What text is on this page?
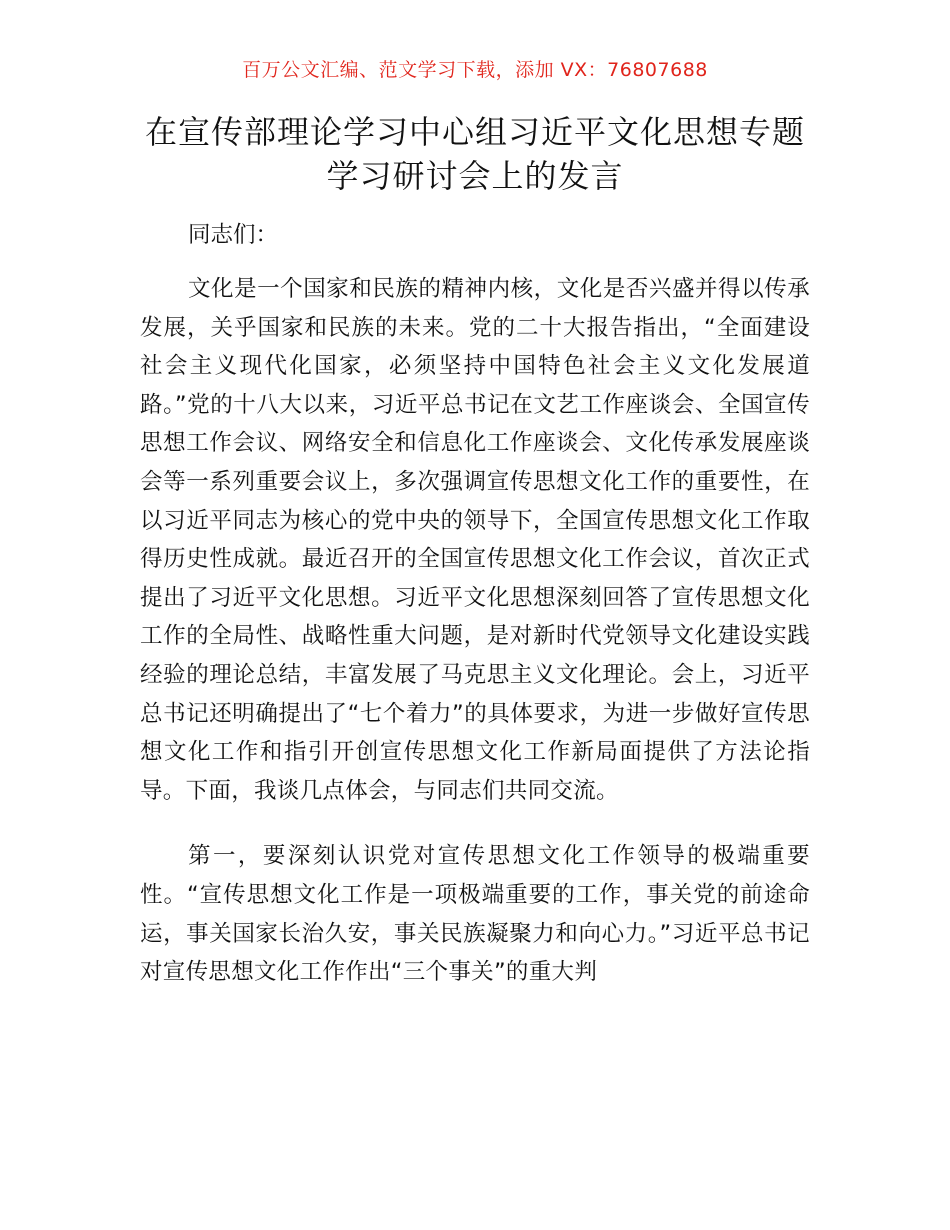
百万公文汇编、范文学习下载，添加 VX：76807688
在宣传部理论学习中心组习近平文化思想专题
学习研讨会上的发言
同志们：

文化是一个国家和民族的精神内核，文化是否兴盛并得以传承发展，关乎国家和民族的未来。党的二十大报告指出，“全面建设社会主义现代化国家，必须坚持中国特色社会主义文化发展道路。”党的十八大以来，习近平总书记在文艺工作座谈会、全国宣传思想工作会议、网络安全和信息化工作座谈会、文化传承发展座谈会等一系列重要会议上，多次强调宣传思想文化工作的重要性，在以习近平同志为核心的党中央的领导下，全国宣传思想文化工作取得历史性成就。最近召开的全国宣传思想文化工作会议，首次正式提出了习近平文化思想。习近平文化思想深刻回答了宣传思想文化工作的全局性、战略性重大问题，是对新时代党领导文化建设实践经验的理论总结，丰富发展了马克思主义文化理论。会上，习近平总书记还明确提出了“七个着力”的具体要求，为进一步做好宣传思想文化工作和指引开创宣传思想文化工作新局面提供了方法论指导。下面，我谈几点体会，与同志们共同交流。

第一，要深刻认识党对宣传思想文化工作领导的极端重要性。“宣传思想文化工作是一项极端重要的工作，事关党的前途命运，事关国家长治久安，事关民族凝聚力和向心力。”习近平总书记对宣传思想文化工作作出“三个事关”的重大判
